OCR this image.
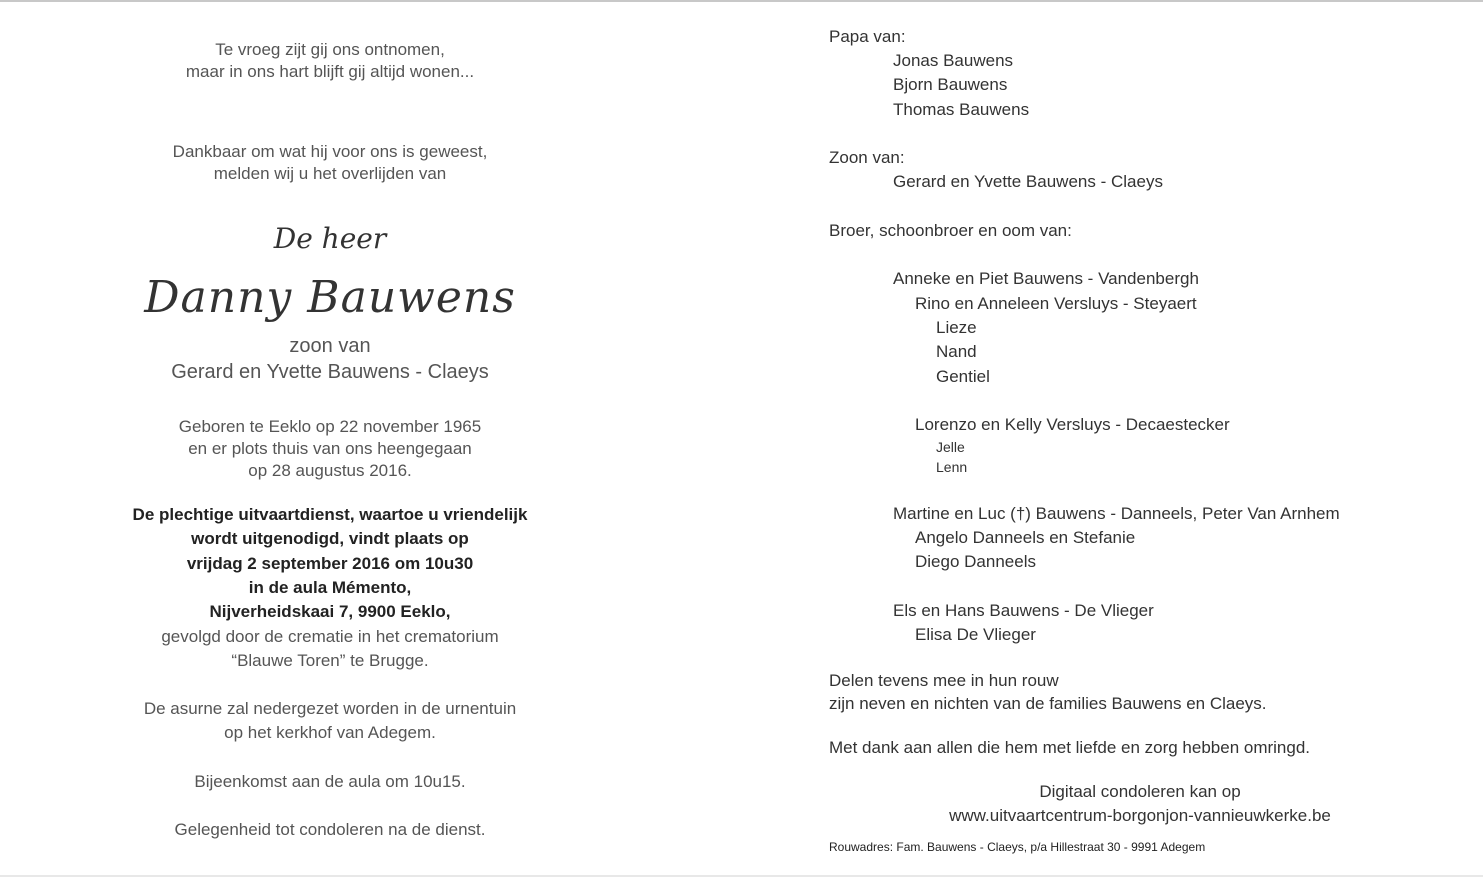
Te vroeg zijt gij ons ontnomen,
maar in ons hart blijft gij altijd wonen...
Dankbaar om wat hij voor ons is geweest,
melden wij u het overlijden van
De heer
Danny Bauwens
zoon van
Gerard en Yvette Bauwens - Claeys
Geboren te Eeklo op 22 november 1965
en er plots thuis van ons heengegaan
op 28 augustus 2016.
De plechtige uitvaartdienst, waartoe u vriendelijk
wordt uitgenodigd, vindt plaats op
vrijdag 2 september 2016 om 10u30
in de aula Mémento,
Nijverheidskaai 7, 9900 Eeklo,
gevolgd door de crematie in het crematorium
“Blauwe Toren” te Brugge.
De asurne zal nedergezet worden in de urnentuin
op het kerkhof van Adegem.
Bijeenkomst aan de aula om 10u15.
Gelegenheid tot condoleren na de dienst.
Papa van:
Jonas Bauwens
Bjorn Bauwens
Thomas Bauwens
Zoon van:
Gerard en Yvette Bauwens - Claeys
Broer, schoonbroer en oom van:
Anneke en Piet Bauwens - Vandenbergh
Rino en Anneleen Versluys - Steyaert
Lieze
Nand
Gentiel
Lorenzo en Kelly Versluys - Decaestecker
Jelle
Lenn
Martine en Luc (†) Bauwens - Danneels, Peter Van Arnhem
Angelo Danneels en Stefanie
Diego Danneels
Els en Hans Bauwens - De Vlieger
Elisa De Vlieger
Delen tevens mee in hun rouw
zijn neven en nichten van de families Bauwens en Claeys.
Met dank aan allen die hem met liefde en zorg hebben omringd.
Digitaal condoleren kan op
www.uitvaartcentrum-borgonjon-vannieuwkerke.be
Rouwadres: Fam. Bauwens - Claeys, p/a Hillestraat 30 - 9991 Adegem
